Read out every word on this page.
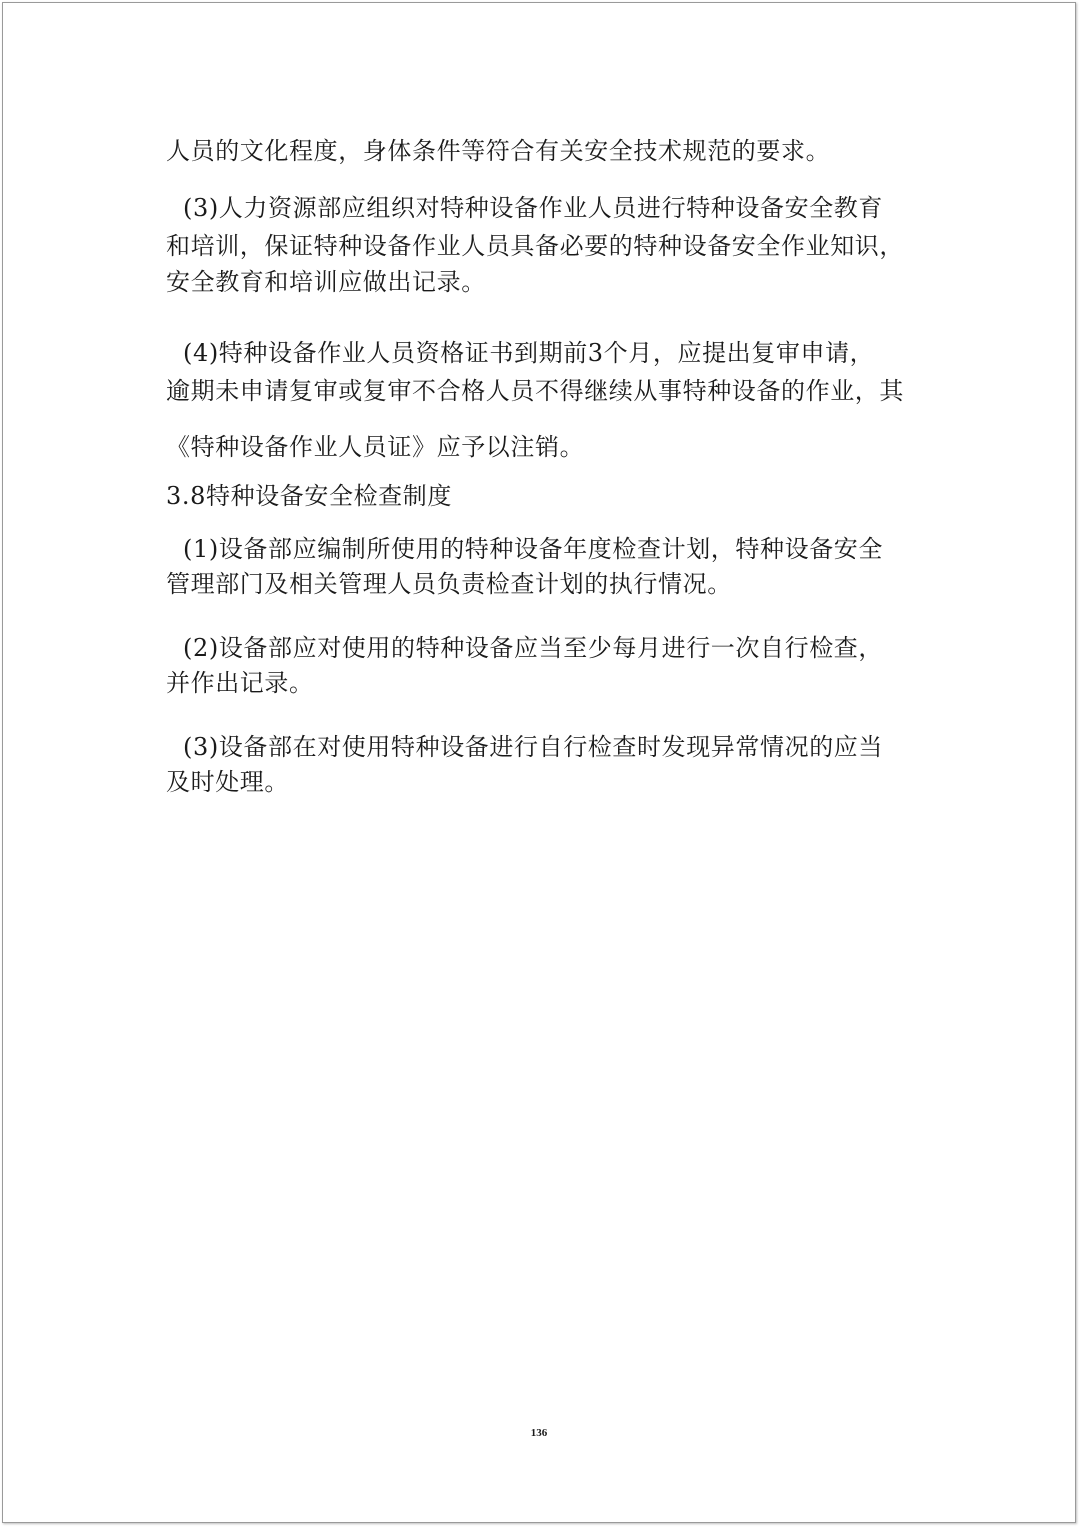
人员的文化程度，身体条件等符合有关安全技术规范的要求。
(3)人力资源部应组织对特种设备作业人员进行特种设备安全教育
和培训，保证特种设备作业人员具备必要的特种设备安全作业知识，
安全教育和培训应做出记录。
(4)特种设备作业人员资格证书到期前3个月，应提出复审申请，
逾期未申请复审或复审不合格人员不得继续从事特种设备的作业，其
《特种设备作业人员证》应予以注销。
3.8特种设备安全检查制度
(1)设备部应编制所使用的特种设备年度检查计划，特种设备安全
管理部门及相关管理人员负责检查计划的执行情况。
(2)设备部应对使用的特种设备应当至少每月进行一次自行检查，
并作出记录。
(3)设备部在对使用特种设备进行自行检查时发现异常情况的应当
及时处理。
136
